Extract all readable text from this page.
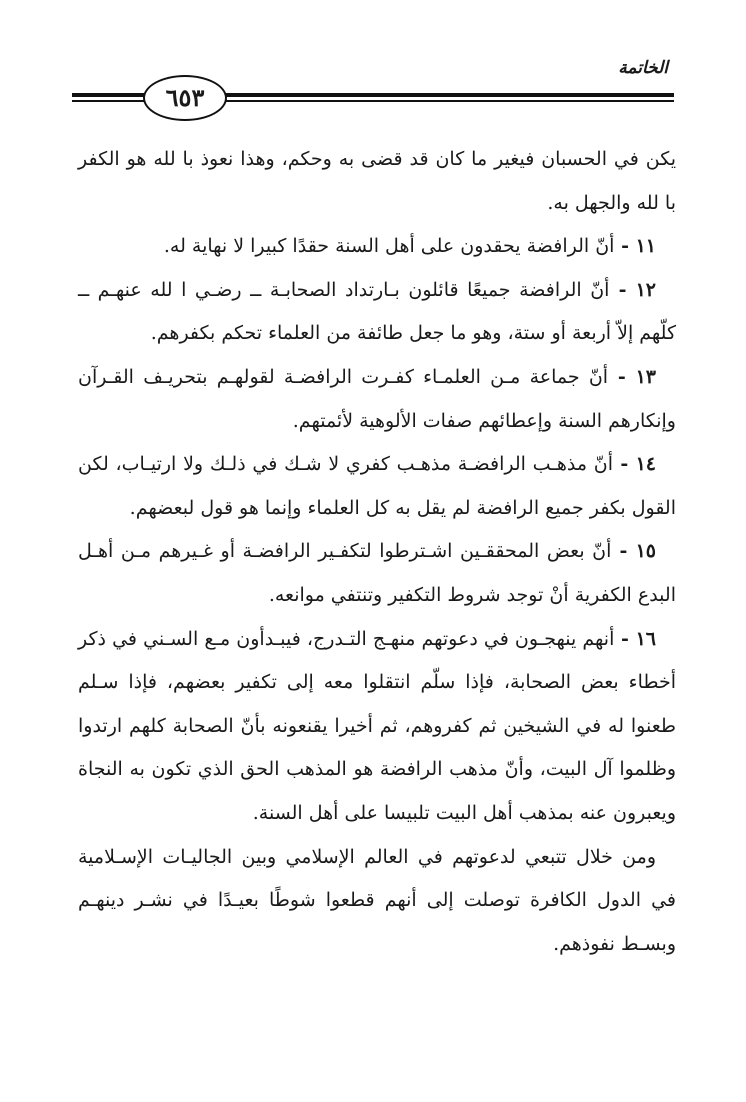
الخاتمة
٦٥٣

يكن في الحسبان فيغير ما كان قد قضى به وحكم، وهذا نعوذ با لله هو الكفر با لله والجهل به.

١١ - أنّ الرافضة يحقدون على أهل السنة حقدًا كبيرا لا نهاية له.

١٢ - أنّ الرافضة جميعًا قائلون بـارتداد الصحابـة ــ رضـي ا لله عنهـم ــ كلّهم إلاّ أربعة أو ستة، وهو ما جعل طائفة من العلماء تحكم بكفرهم.

١٣ - أنّ جماعة مـن العلمـاء كفـرت الرافضـة لقولهـم بتحريـف القـرآن وإنكارهم السنة وإعطائهم صفات الألوهية لأئمتهم.

١٤ - أنّ مذهـب الرافضـة مذهـب كفري لا شـك في ذلـك ولا ارتيـاب، لكن القول بكفر جميع الرافضة لم يقل به كل العلماء وإنما هو قول لبعضهم.

١٥ - أنّ بعض المحققـين اشـترطوا لتكفـير الرافضـة أو غـيرهم مـن أهـل البدع الكفرية أنْ توجد شروط التكفير وتنتفي موانعه.

١٦ - أنهم ينهجـون في دعوتهم منهـج التـدرج، فيبـدأون مـع السـني في ذكر أخطاء بعض الصحابة، فإذا سلّم انتقلوا معه إلى تكفير بعضهم، فإذا سـلم طعنوا له في الشيخين ثم كفروهم، ثم أخيرا يقنعونه بأنّ الصحابة كلهم ارتدوا وظلموا آل البيت، وأنّ مذهب الرافضة هو المذهب الحق الذي تكون به النجاة ويعبرون عنه بمذهب أهل البيت تلبيسا على أهل السنة.

ومن خلال تتبعي لدعوتهم في العالم الإسلامي وبين الجاليـات الإسـلامية في الدول الكافرة توصلت إلى أنهم قطعوا شوطًا بعيـدًا في نشـر دينهـم وبسـط نفوذهم.
